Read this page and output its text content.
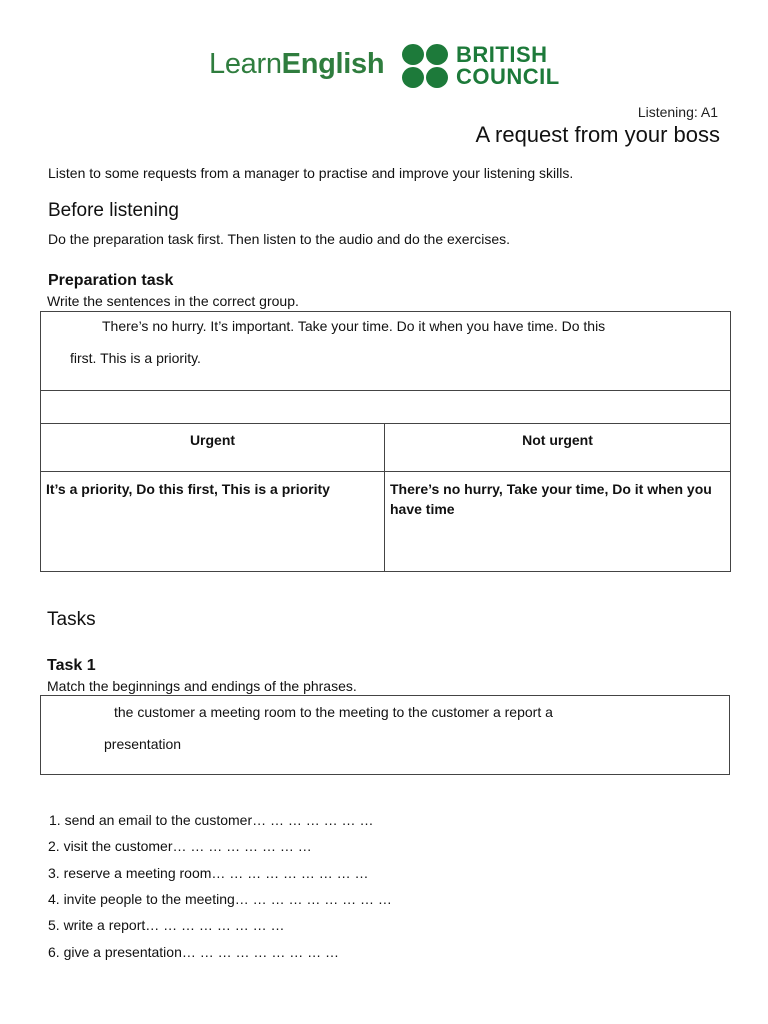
LearnEnglish	BRITISH
COUNCIL
Listening: A1
A request from your boss
Listen to some requests from a manager to practise and improve your listening skills.
Before listening
Do the preparation task first. Then listen to the audio and do the exercises.
Preparation task
Write the sentences in the correct group.
There’s no hurry. It’s important. Take your time. Do it when you have time. Do this
first. This is a priority.	

Urgent	Not urgent
It’s a priority, Do this first, This is a priority	There’s no hurry, Take your time, Do it when you have time
Tasks
Task 1
Match the beginnings and endings of the phrases.
the customer a meeting room to the meeting to the customer a report a
presentation
1. send an email to the customer… … … … … … …
2. visit the customer… … … … … … … …
3. reserve a meeting room… … … … … … … … …
4. invite people to the meeting… … … … … … … … …
5. write a report… … … … … … … …
6. give a presentation… … … … … … … … …
